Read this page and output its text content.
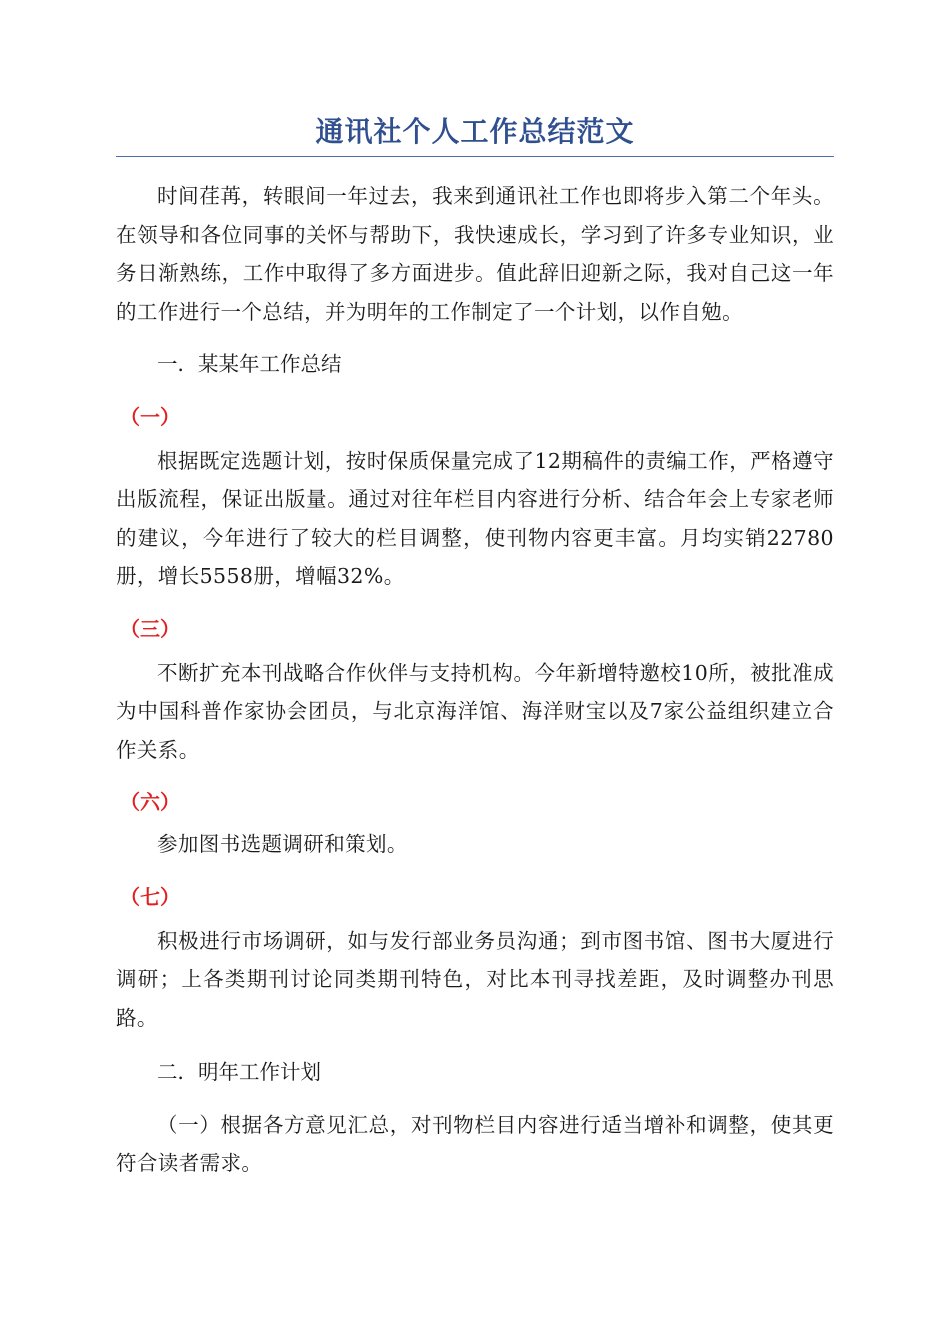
通讯社个人工作总结范文

时间荏苒，转眼间一年过去，我来到通讯社工作也即将步入第二个年头。在领导和各位同事的关怀与帮助下，我快速成长，学习到了许多专业知识，业务日渐熟练，工作中取得了多方面进步。值此辞旧迎新之际，我对自己这一年的工作进行一个总结，并为明年的工作制定了一个计划，以作自勉。

一．某某年工作总结

（一）

根据既定选题计划，按时保质保量完成了12期稿件的责编工作，严格遵守出版流程，保证出版量。通过对往年栏目内容进行分析、结合年会上专家老师的建议，今年进行了较大的栏目调整，使刊物内容更丰富。月均实销22780册，增长5558册，增幅32%。

（三）

不断扩充本刊战略合作伙伴与支持机构。今年新增特邀校10所，被批准成为中国科普作家协会团员，与北京海洋馆、海洋财宝以及7家公益组织建立合作关系。

（六）

参加图书选题调研和策划。

（七）

积极进行市场调研，如与发行部业务员沟通；到市图书馆、图书大厦进行调研；上各类期刊讨论同类期刊特色，对比本刊寻找差距，及时调整办刊思路。

二．明年工作计划

（一）根据各方意见汇总，对刊物栏目内容进行适当增补和调整，使其更符合读者需求。
